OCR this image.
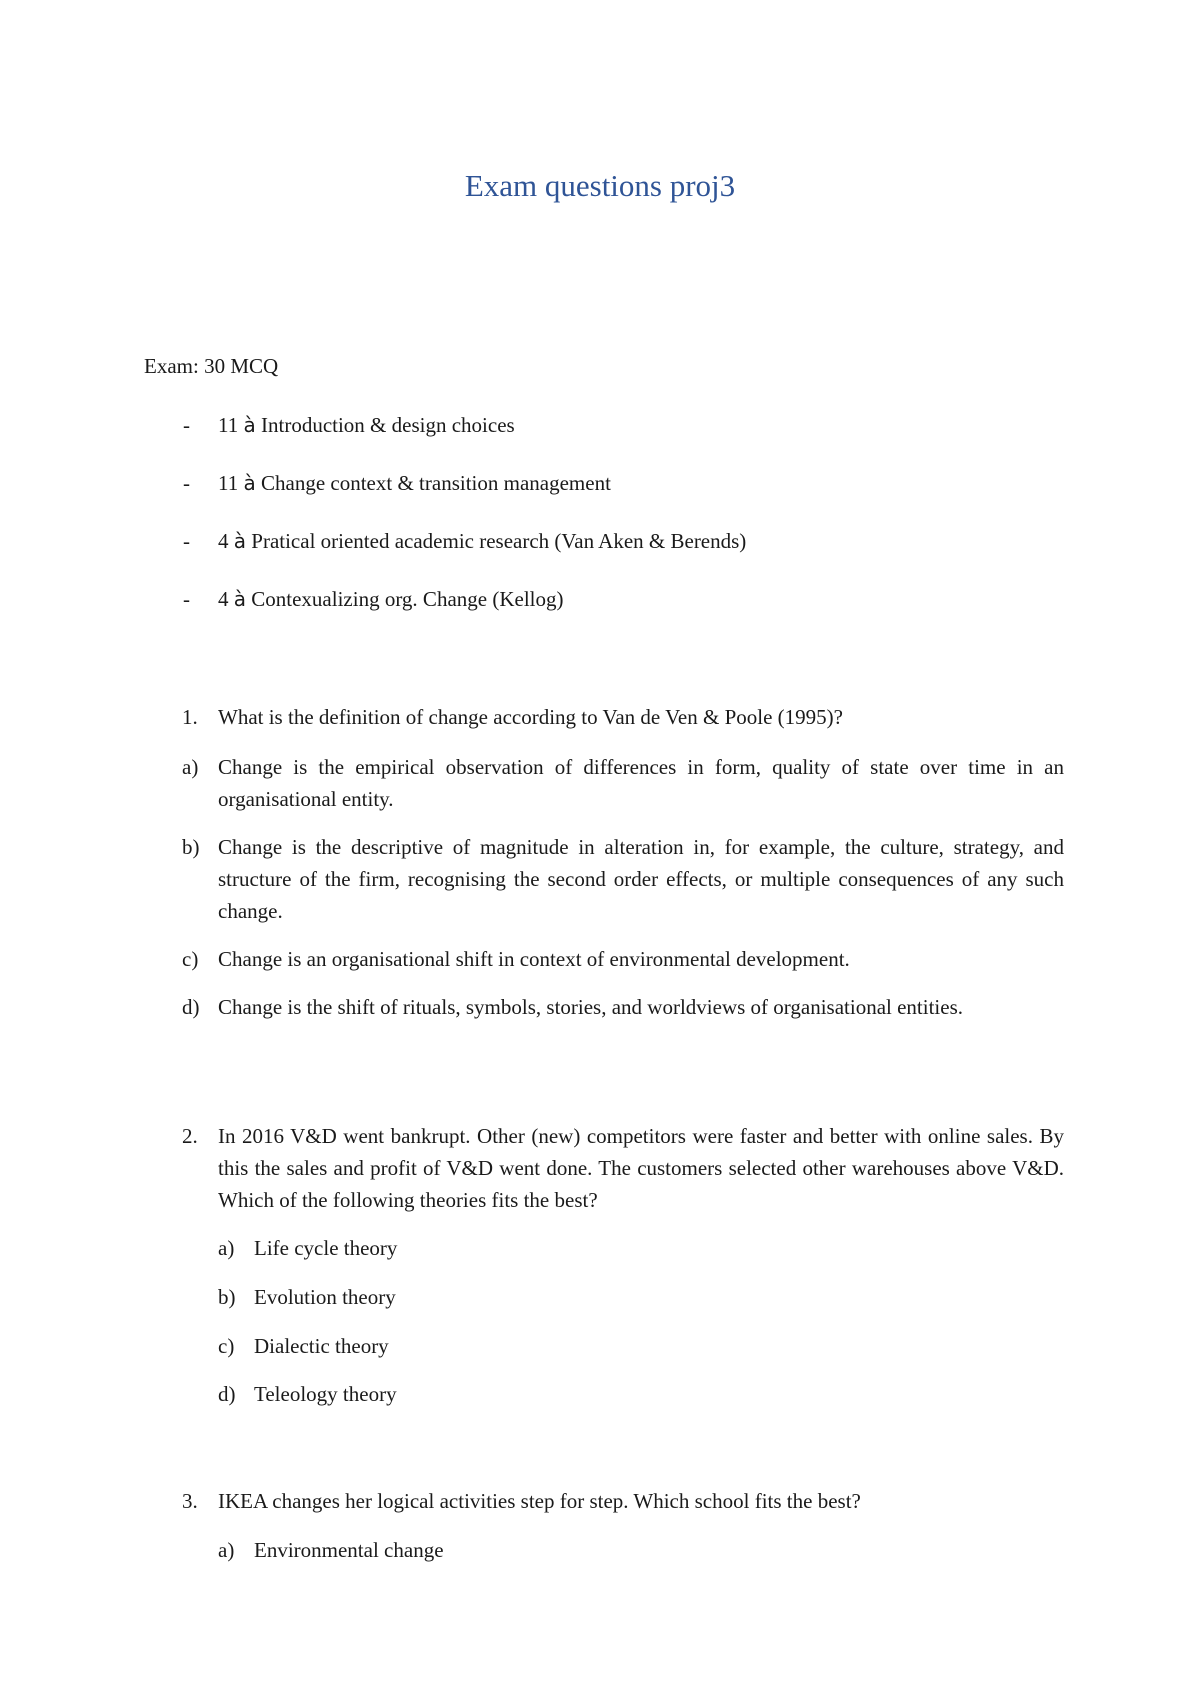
Exam questions proj3
Exam: 30 MCQ
- 11 à Introduction & design choices
- 11 à Change context & transition management
- 4 à Pratical oriented academic research (Van Aken & Berends)
- 4 à Contexualizing org. Change (Kellog)
1. What is the definition of change according to Van de Ven & Poole (1995)?
a) Change is the empirical observation of differences in form, quality of state over time in an organisational entity.
b) Change is the descriptive of magnitude in alteration in, for example, the culture, strategy, and structure of the firm, recognising the second order effects, or multiple consequences of any such change.
c) Change is an organisational shift in context of environmental development.
d) Change is the shift of rituals, symbols, stories, and worldviews of organisational entities.
2. In 2016 V&D went bankrupt. Other (new) competitors were faster and better with online sales. By this the sales and profit of V&D went done. The customers selected other warehouses above V&D. Which of the following theories fits the best?
a) Life cycle theory
b) Evolution theory
c) Dialectic theory
d) Teleology theory
3. IKEA changes her logical activities step for step. Which school fits the best?
a) Environmental change
